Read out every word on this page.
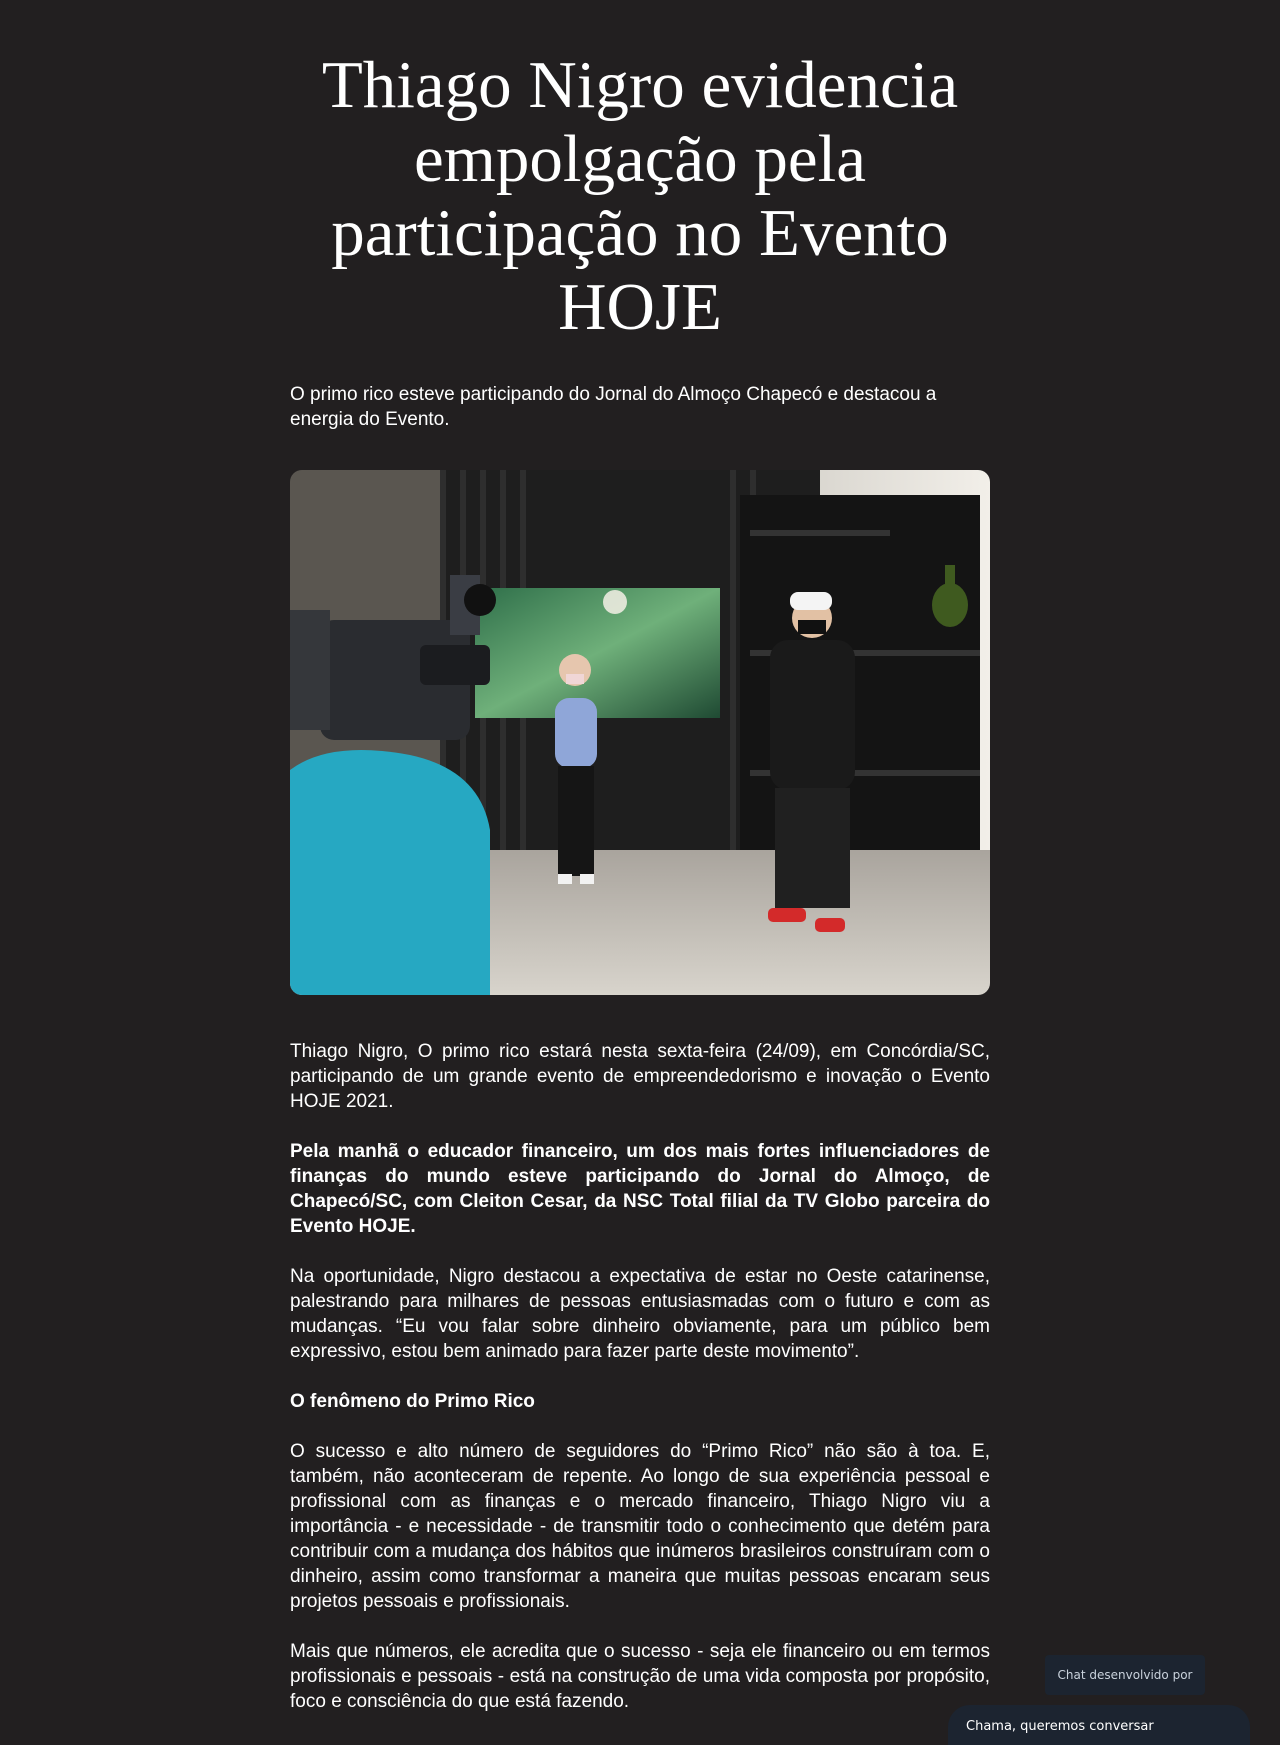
Thiago Nigro evidencia empolgação pela participação no Evento HOJE

O primo rico esteve participando do Jornal do Almoço Chapecó e destacou a energia do Evento.

Thiago Nigro, O primo rico estará nesta sexta-feira (24/09), em Concórdia/SC, participando de um grande evento de empreendedorismo e inovação o Evento HOJE 2021.

Pela manhã o educador financeiro, um dos mais fortes influenciadores de finanças do mundo esteve participando do Jornal do Almoço, de Chapecó/SC, com Cleiton Cesar, da NSC Total filial da TV Globo parceira do Evento HOJE.

Na oportunidade, Nigro destacou a expectativa de estar no Oeste catarinense, palestrando para milhares de pessoas entusiasmadas com o futuro e com as mudanças. “Eu vou falar sobre dinheiro obviamente, para um público bem expressivo, estou bem animado para fazer parte deste movimento”.

O fenômeno do Primo Rico

O sucesso e alto número de seguidores do “Primo Rico” não são à toa. E, também, não aconteceram de repente. Ao longo de sua experiência pessoal e profissional com as finanças e o mercado financeiro, Thiago Nigro viu a importância - e necessidade - de transmitir todo o conhecimento que detém para contribuir com a mudança dos hábitos que inúmeros brasileiros construíram com o dinheiro, assim como transformar a maneira que muitas pessoas encaram seus projetos pessoais e profissionais.

Mais que números, ele acredita que o sucesso - seja ele financeiro ou em termos profissionais e pessoais - está na construção de uma vida composta por propósito, foco e consciência do que está fazendo.

Chat desenvolvido por
Chama, queremos conversar
